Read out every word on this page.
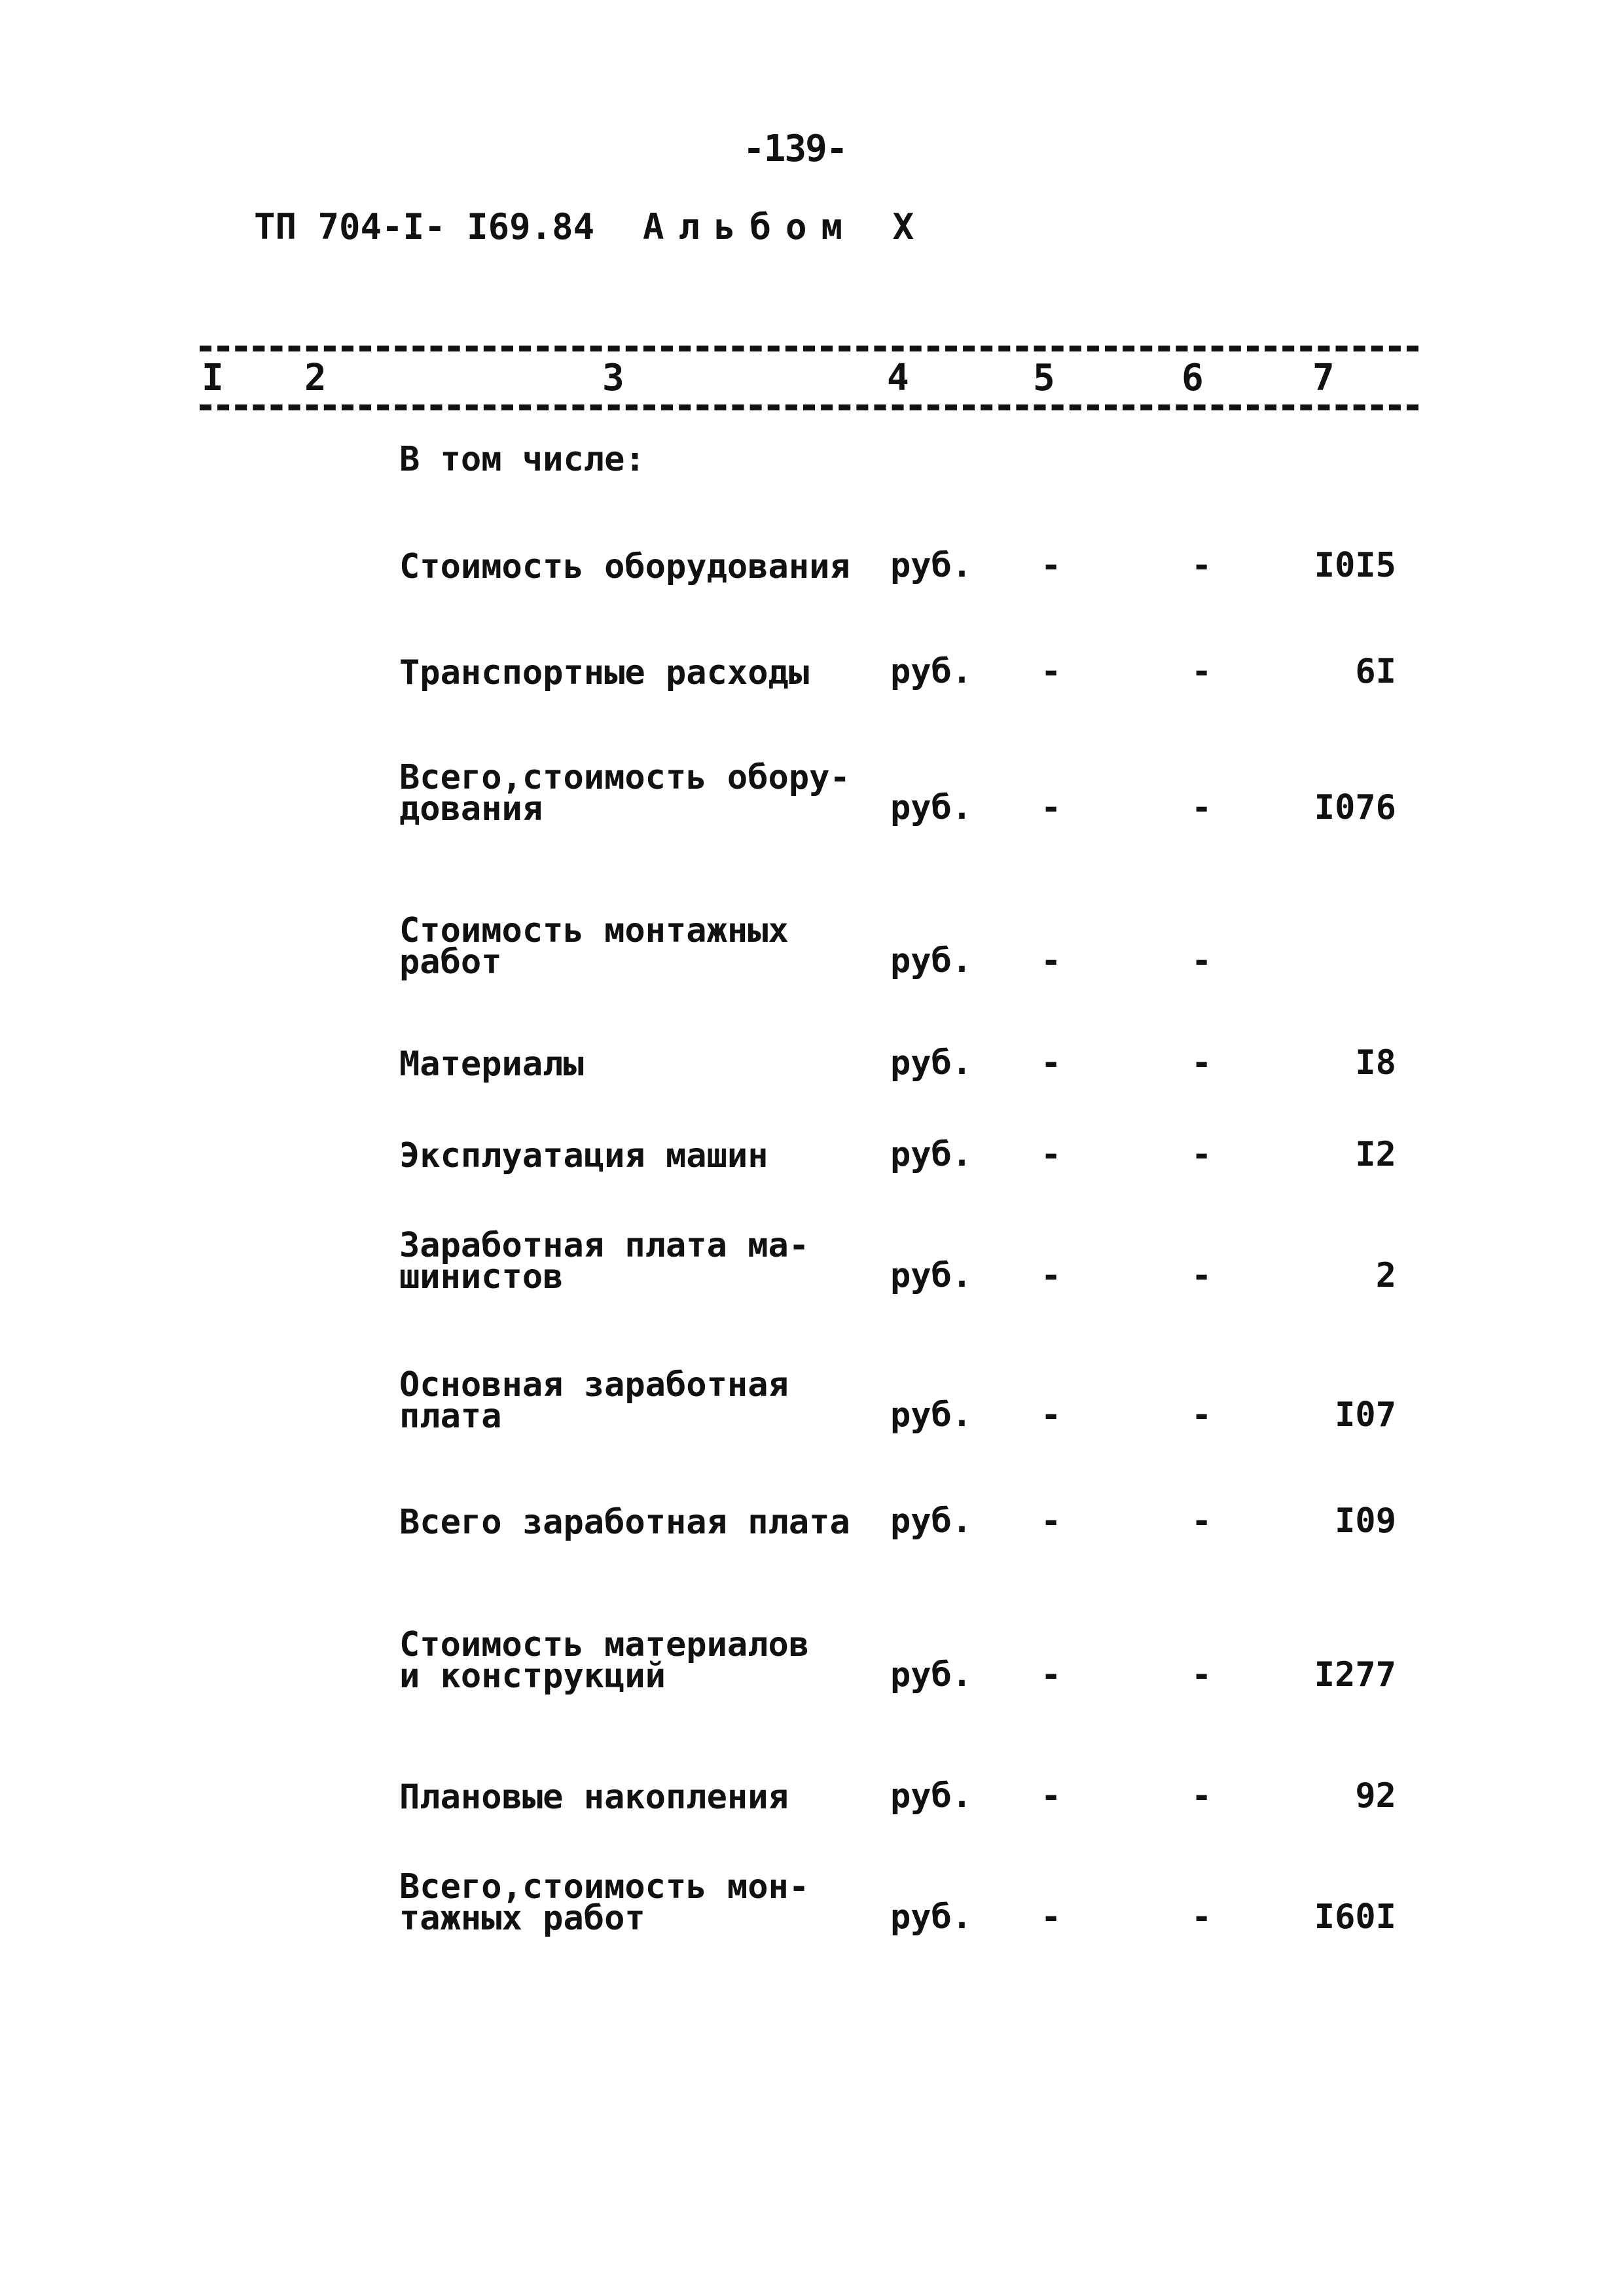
-139-
ТП 704-I- I69.84 Альбом X
I 2	3	4	5	6	7
В том числе:
Стоимость оборудования руб. -	-	I0I5
Транспортные расходы руб. -	-	6I
Всего,стоимость обору-
дования	руб. -	-	I076
Стоимость монтажных
работ	руб. -	-
Материалы	руб. -	-	I8
Эксплуатация машин	руб. -	-	I2
Заработная плата ма-
шинистов	руб. -	-	2
Основная заработная
плата	руб. -	-	I07
Всего заработная плата руб. -	-	I09
Стоимость материалов
и конструкций	руб. -	-	I277
Плановые накопления	руб. -	-	92
Всего,стоимость мон-
тажных работ	руб. -	-	I60I
